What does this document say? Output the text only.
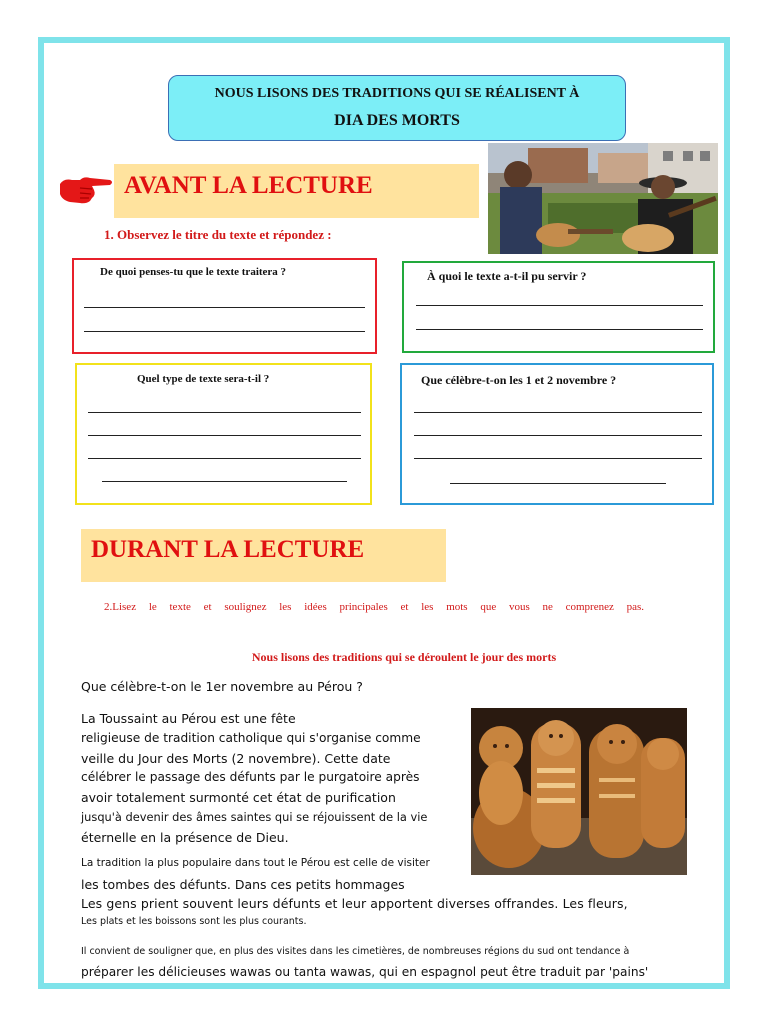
NOUS LISONS DES TRADITIONS QUI SE RÉALISENT À
DIA DES MORTS
AVANT LA LECTURE
1. Observez le titre du texte et répondez :
De quoi penses-tu que le texte traitera ?	À quoi le texte a-t-il pu servir ?
Quel type de texte sera-t-il ?	Que célèbre-t-on les 1 et 2 novembre ?
DURANT LA LECTURE
2.Lisez le texte et soulignez les idées principales et les mots que vous ne comprenez pas.
Nous lisons des traditions qui se déroulent le jour des morts
Que célèbre-t-on le 1er novembre au Pérou ?
La Toussaint au Pérou est une fête
religieuse de tradition catholique qui s'organise comme
veille du Jour des Morts (2 novembre). Cette date
célébrer le passage des défunts par le purgatoire après
avoir totalement surmonté cet état de purification
jusqu'à devenir des âmes saintes qui se réjouissent de la vie
éternelle en la présence de Dieu.
La tradition la plus populaire dans tout le Pérou est celle de visiter
les tombes des défunts. Dans ces petits hommages
Les gens prient souvent leurs défunts et leur apportent diverses offrandes. Les fleurs,
Les plats et les boissons sont les plus courants.
Il convient de souligner que, en plus des visites dans les cimetières, de nombreuses régions du sud ont tendance à
préparer les délicieuses wawas ou tanta wawas, qui en espagnol peut être traduit par 'pains'
